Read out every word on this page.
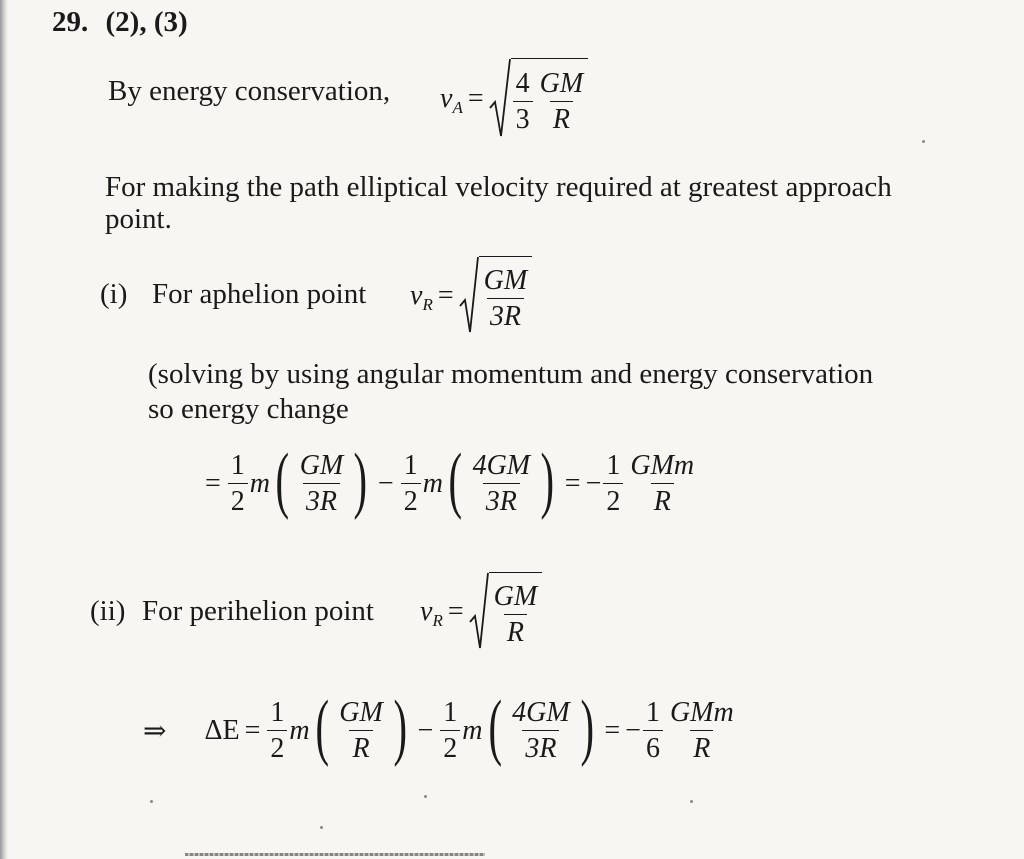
29. (2), (3)
By energy conservation, v $A = \frac{4}{3} \frac{GM}{R}$
For making the path elliptical velocity required at greatest approach
point.
(i) For aphelion point v $R = \frac{GM}{3R}$
(solving by using angular momentum and energy conservation
so energy change
= $\frac{1}{2}$ m ( $\frac{GM}{3R}$ ) − $\frac{1}{2}$ m ( $\frac{4GM}{3R}$ ) = − $\frac{1}{2} \frac{\text{GMm}}{R}$
(ii) For perihelion point v $R = \frac{GM}{R}$
⇒ $\Delta E = \frac{1}{2}$ m ( $\frac{GM}{R}$ ) − $\frac{1}{2}$ m ( $\frac{4GM}{3R}$ ) = − $\frac{1}{6} \frac{\text{GMm}}{R}$
